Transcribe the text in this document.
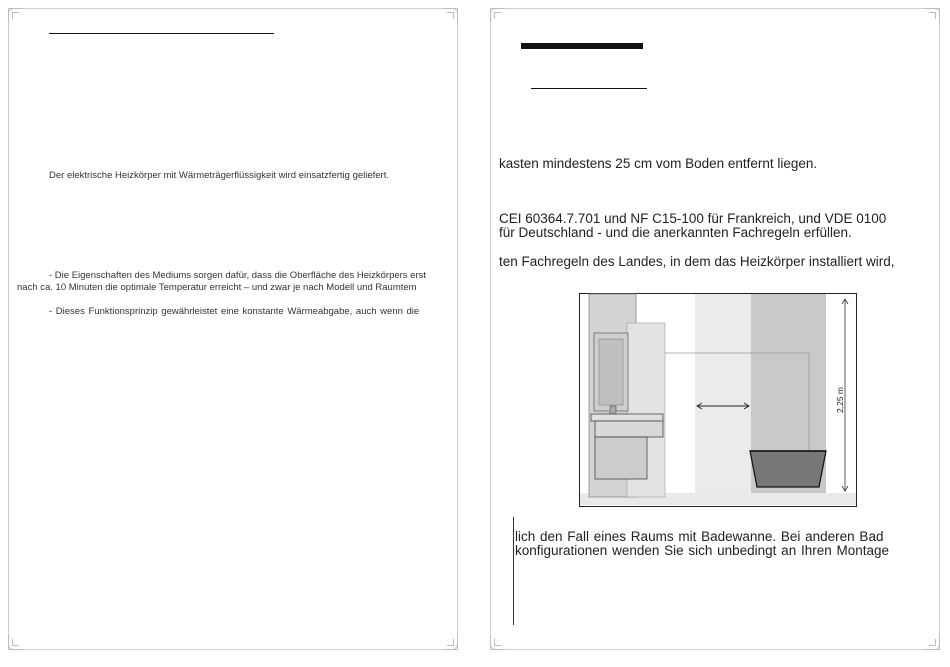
Der elektrische Heizkörper mit Wärmeträgerflüssigkeit wird einsatzfertig geliefert.
- Die Eigenschaften des Mediums sorgen dafür, dass die Oberfläche des Heizkörpers erst
nach ca. 10 Minuten die optimale Temperatur erreicht – und zwar je nach Modell und Raumtem
- Dieses Funktionsprinzip gewährleistet eine konstante Wärmeabgabe, auch wenn die
kasten mindestens 25 cm vom Boden entfernt liegen.
CEI 60364.7.701 und NF C15-100 für Frankreich, und VDE 0100
für Deutschland - und die anerkannten Fachregeln erfüllen.
ten Fachregeln des Landes, in dem das Heizkörper installiert wird,
2,25 m
lich den Fall eines Raums mit Badewanne. Bei anderen Bad
konfigurationen wenden Sie sich unbedingt an Ihren Montage
